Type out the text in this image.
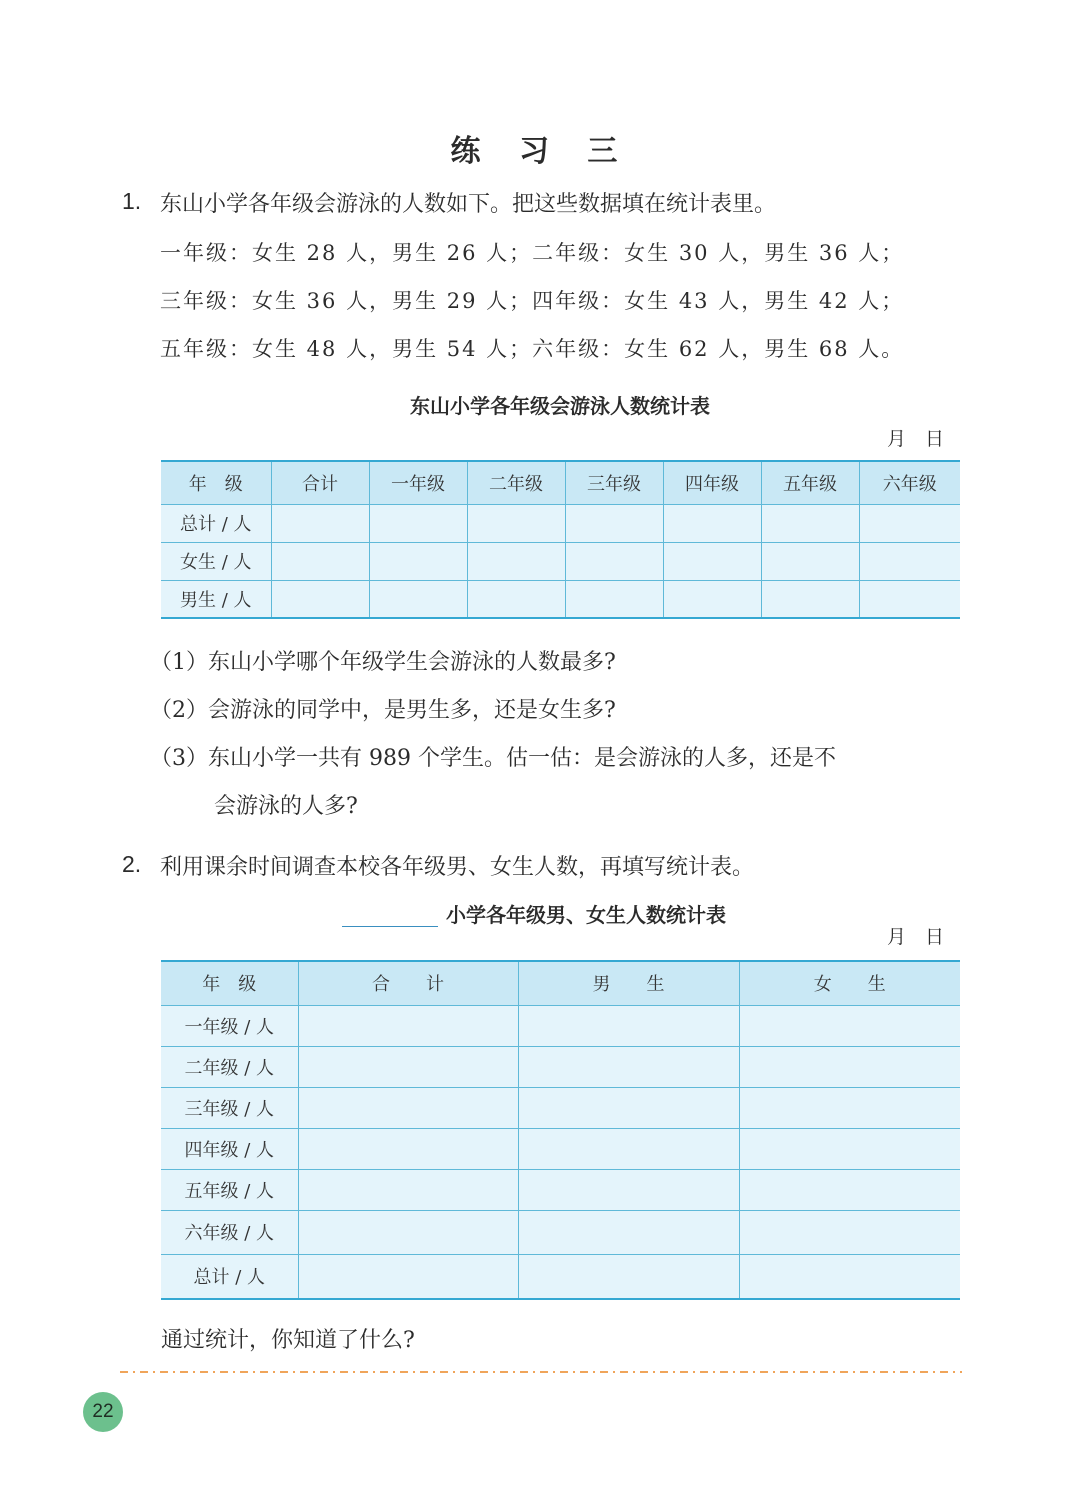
练 习 三
1. 东山小学各年级会游泳的人数如下。把这些数据填在统计表里。
一年级：女生 28 人，男生 26 人；二年级：女生 30 人，男生 36 人；
三年级：女生 36 人，男生 29 人；四年级：女生 43 人，男生 42 人；
五年级：女生 48 人，男生 54 人；六年级：女生 62 人，男生 68 人。
东山小学各年级会游泳人数统计表
月　日
年　级	合计	一年级	二年级	三年级	四年级	五年级	六年级
总计 / 人							
女生 / 人							
男生 / 人							
（1）东山小学哪个年级学生会游泳的人数最多?
（2）会游泳的同学中，是男生多，还是女生多?
（3）东山小学一共有 989 个学生。估一估：是会游泳的人多，还是不
会游泳的人多?
2. 利用课余时间调查本校各年级男、女生人数，再填写统计表。
小学各年级男、女生人数统计表
月　日
年　级	合　　计	男　　生	女　　生
一年级 / 人			
二年级 / 人			
三年级 / 人			
四年级 / 人			
五年级 / 人			
六年级 / 人			
总计 / 人			
通过统计，你知道了什么?
22
